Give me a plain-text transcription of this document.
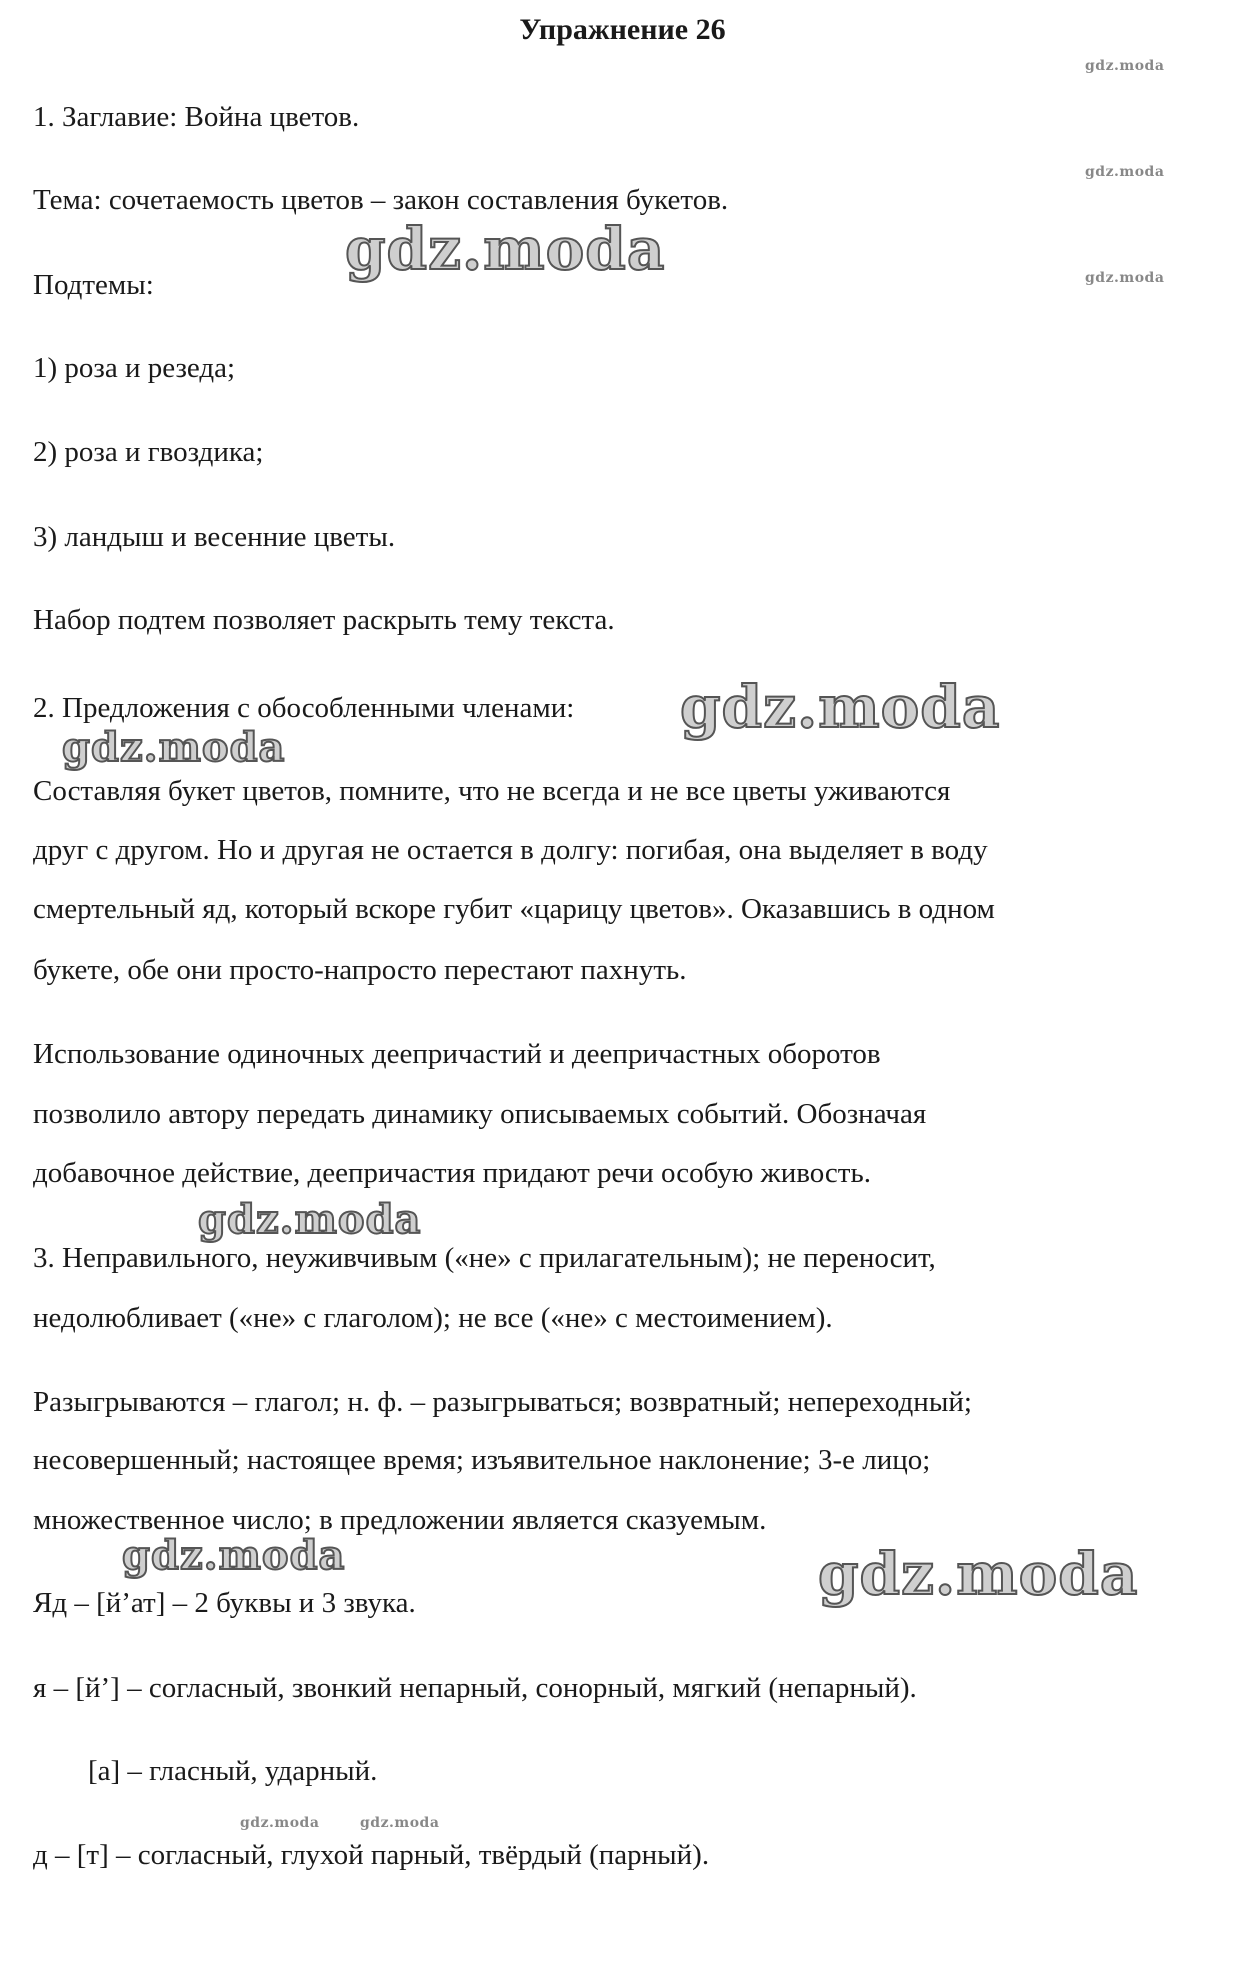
Упражнение 26
1. Заглавие: Война цветов.
Тема: сочетаемость цветов – закон составления букетов.
Подтемы:
1) роза и резеда;
2) роза и гвоздика;
3) ландыш и весенние цветы.
Набор подтем позволяет раскрыть тему текста.
2. Предложения с обособленными членами:
Составляя букет цветов, помните, что не всегда и не все цветы уживаются
друг с другом. Но и другая не остается в долгу: погибая, она выделяет в воду
смертельный яд, который вскоре губит «царицу цветов». Оказавшись в одном
букете, обе они просто-напросто перестают пахнуть.
Использование одиночных деепричастий и деепричастных оборотов
позволило автору передать динамику описываемых событий. Обозначая
добавочное действие, деепричастия придают речи особую живость.
3. Неправильного, неуживчивым («не» с прилагательным); не переносит,
недолюбливает («не» с глаголом); не все («не» с местоимением).
Разыгрываются – глагол; н. ф. – разыгрываться; возвратный; непереходный;
несовершенный; настоящее время; изъявительное наклонение; 3-е лицо;
множественное число; в предложении является сказуемым.
Яд – [й’ат] – 2 буквы и 3 звука.
я – [й’] – согласный, звонкий непарный, сонорный, мягкий (непарный).
[а] – гласный, ударный.
д – [т] – согласный, глухой парный, твёрдый (парный).
gdz.moda
gdz.moda
gdz.moda
gdz.moda	gdz.moda
gdz.moda
gdz.moda
gdz.moda
gdz.moda
gdz.moda	gdz.moda
